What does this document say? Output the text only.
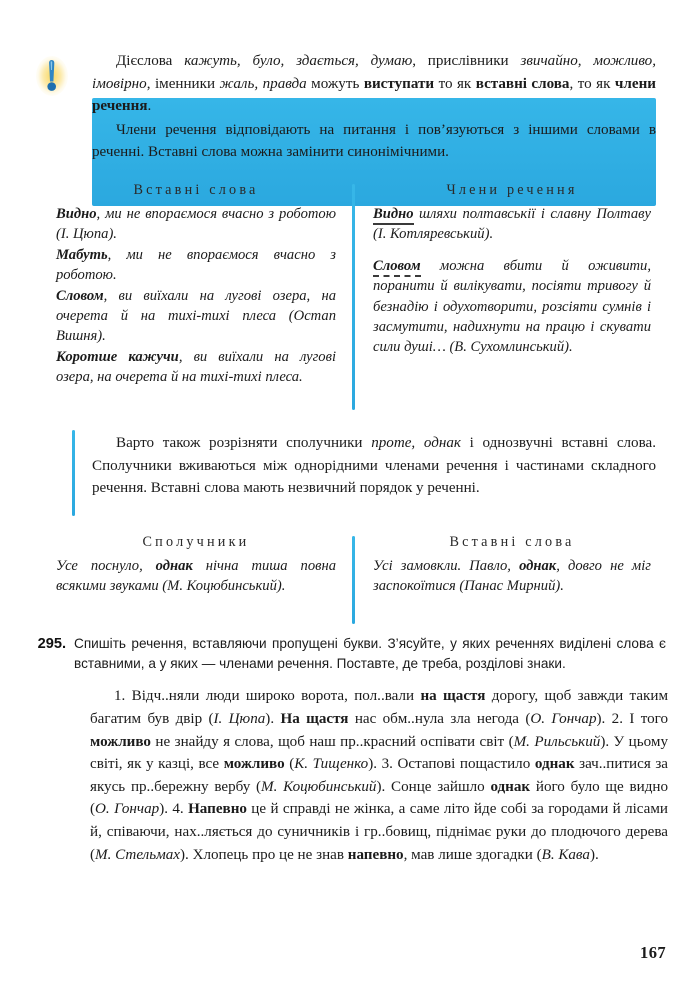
Дієслова кажуть, було, здається, думаю, прислівники звичайно, можливо, імовірно, іменники жаль, правда можуть виступати то як вставні слова, то як члени речення.

Члени речення відповідають на питання і пов’язуються з іншими словами в реченні. Вставні слова можна замінити синонімічними.

Вставні слова

Видно, ми не впораємося вчасно з роботою (І. Цюпа).

Мабуть, ми не впораємося вчасно з роботою.

Словом, ви виїхали на лугові озера, на очерета й на тихі-тихі плеса (Остап Вишня).

Коротше кажучи, ви виїхали на лугові озера, на очерета й на тихі-тихі плеса.

Члени речення

Видно шляхи полтавськії і славну Полтаву (І. Котляревський).

Словом можна вбити й оживити, поранити й вилікувати, посіяти тривогу й безнадію і одухотворити, розсіяти сумнів і засмутити, надихнути на працю і скувати сили душі… (В. Сухомлинський).

Варто також розрізняти сполучники проте, однак і однозвучні вставні слова. Сполучники вживаються між однорідними членами речення і частинами складного речення. Вставні слова мають незвичний порядок у реченні.

Сполучники

Усе поснуло, однак нічна тиша повна всякими звуками (М. Коцюбинський).

Вставні слова

Усі замовкли. Павло, однак, довго не міг заспокоїтися (Панас Мирний).

295. Спишіть речення, вставляючи пропущені букви. З’ясуйте, у яких реченнях виділені слова є вставними, а у яких — членами речення. Поставте, де треба, розділові знаки.

1. Відч..няли люди широко ворота, пол..вали на щастя дорогу, щоб завжди таким багатим був двір (І. Цюпа). На щастя нас обм..нула зла негода (О. Гончар). 2. І того можливо не знайду я слова, щоб наш пр..красний оспівати світ (М. Рильський). У цьому світі, як у казці, все можливо (К. Тищенко). 3. Остапові пощастило однак зач..питися за якусь пр..бережну вербу (М. Коцюбинський). Сонце зайшло однак його було ще видно (О. Гончар). 4. Напевно це й справді не жінка, а саме літо йде собі за городами й лісами й, співаючи, нах..ляється до суничників і гр..бовищ, піднімає руки до плодючого дерева (М. Стельмах). Хлопець про це не знав напевно, мав лише здогадки (В. Кава).

167
